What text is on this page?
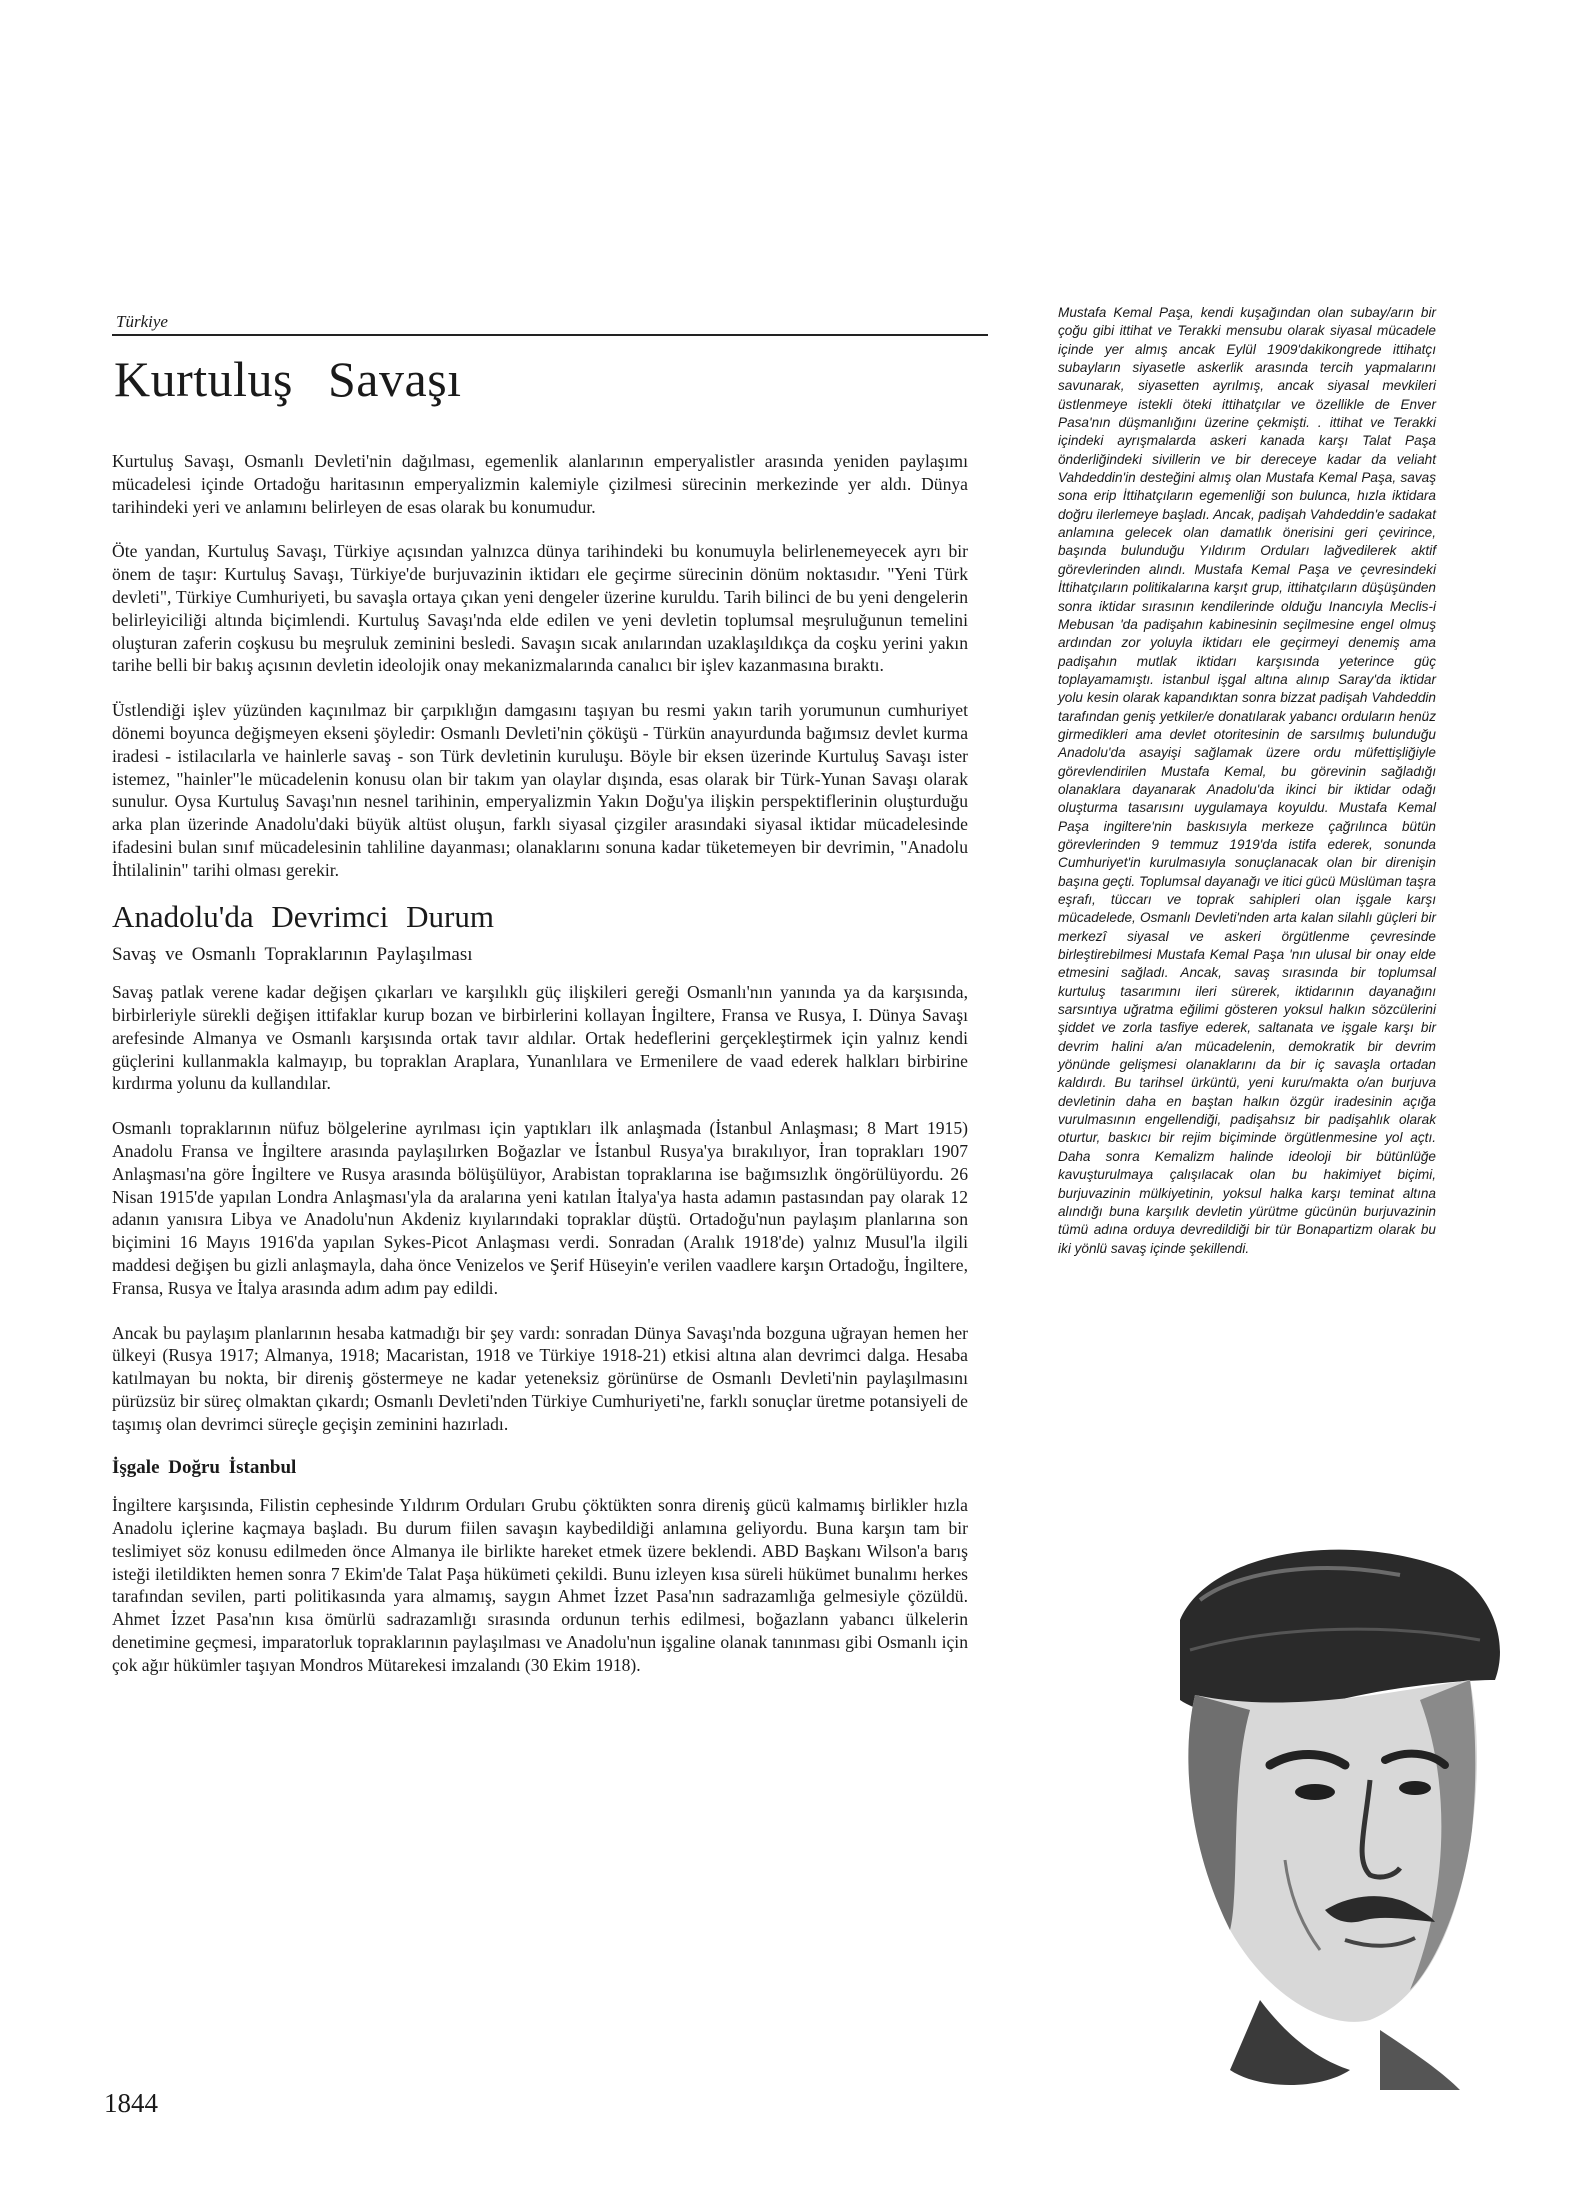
Türkiye
Kurtuluş Savaşı

Kurtuluş Savaşı, Osmanlı Devleti'nin dağılması, egemenlik alanlarının emperyalistler arasında yeniden paylaşımı mücadelesi içinde Ortadoğu haritasının emperyalizmin kalemiyle çizilmesi sürecinin merkezinde yer aldı. Dünya tarihindeki yeri ve anlamını belirleyen de esas olarak bu konumudur.

Öte yandan, Kurtuluş Savaşı, Türkiye açısından yalnızca dünya tarihindeki bu konumuyla belirlenemeyecek ayrı bir önem de taşır: Kurtuluş Savaşı, Türkiye'de burjuvazinin iktidarı ele geçirme sürecinin dönüm noktasıdır. "Yeni Türk devleti", Türkiye Cumhuriyeti, bu savaşla ortaya çıkan yeni dengeler üzerine kuruldu. Tarih bilinci de bu yeni dengelerin belirleyiciliği altında biçimlendi. Kurtuluş Savaşı'nda elde edilen ve yeni devletin toplumsal meşruluğunun temelini oluşturan zaferin coşkusu bu meşruluk zeminini besledi. Savaşın sıcak anılarından uzaklaşıldıkça da coşku yerini yakın tarihe belli bir bakış açısının devletin ideolojik onay mekanizmalarında canalıcı bir işlev kazanmasına bıraktı.

Üstlendiği işlev yüzünden kaçınılmaz bir çarpıklığın damgasını taşıyan bu resmi yakın tarih yorumunun cumhuriyet dönemi boyunca değişmeyen ekseni şöyledir: Osmanlı Devleti'nin çöküşü - Türkün anayurdunda bağımsız devlet kurma iradesi - istilacılarla ve hainlerle savaş - son Türk devletinin kuruluşu. Böyle bir eksen üzerinde Kurtuluş Savaşı ister istemez, "hainler"le mücadelenin konusu olan bir takım yan olaylar dışında, esas olarak bir Türk-Yunan Savaşı olarak sunulur. Oysa Kurtuluş Savaşı'nın nesnel tarihinin, emperyalizmin Yakın Doğu'ya ilişkin perspektiflerinin oluşturduğu arka plan üzerinde Anadolu'daki büyük altüst oluşun, farklı siyasal çizgiler arasındaki siyasal iktidar mücadelesinde ifadesini bulan sınıf mücadelesinin tahliline dayanması; olanaklarını sonuna kadar tüketemeyen bir devrimin, "Anadolu İhtilalinin" tarihi olması gerekir.

Anadolu'da Devrimci Durum
Savaş ve Osmanlı Topraklarının Paylaşılması

Savaş patlak verene kadar değişen çıkarları ve karşılıklı güç ilişkileri gereği Osmanlı'nın yanında ya da karşısında, birbirleriyle sürekli değişen ittifaklar kurup bozan ve birbirlerini kollayan İngiltere, Fransa ve Rusya, I. Dünya Savaşı arefesinde Almanya ve Osmanlı karşısında ortak tavır aldılar. Ortak hedeflerini gerçekleştirmek için yalnız kendi güçlerini kullanmakla kalmayıp, bu topraklan Araplara, Yunanlılara ve Ermenilere de vaad ederek halkları birbirine kırdırma yolunu da kullandılar.

Osmanlı topraklarının nüfuz bölgelerine ayrılması için yaptıkları ilk anlaşmada (İstanbul Anlaşması; 8 Mart 1915) Anadolu Fransa ve İngiltere arasında paylaşılırken Boğazlar ve İstanbul Rusya'ya bırakılıyor, İran toprakları 1907 Anlaşması'na göre İngiltere ve Rusya arasında bölüşülüyor, Arabistan topraklarına ise bağımsızlık öngörülüyordu. 26 Nisan 1915'de yapılan Londra Anlaşması'yla da aralarına yeni katılan İtalya'ya hasta adamın pastasından pay olarak 12 adanın yanısıra Libya ve Anadolu'nun Akdeniz kıyılarındaki topraklar düştü. Ortadoğu'nun paylaşım planlarına son biçimini 16 Mayıs 1916'da yapılan Sykes-Picot Anlaşması verdi. Sonradan (Aralık 1918'de) yalnız Musul'la ilgili maddesi değişen bu gizli anlaşmayla, daha önce Venizelos ve Şerif Hüseyin'e verilen vaadlere karşın Ortadoğu, İngiltere, Fransa, Rusya ve İtalya arasında adım adım pay edildi.

Ancak bu paylaşım planlarının hesaba katmadığı bir şey vardı: sonradan Dünya Savaşı'nda bozguna uğrayan hemen her ülkeyi (Rusya 1917; Almanya, 1918; Macaristan, 1918 ve Türkiye 1918-21) etkisi altına alan devrimci dalga. Hesaba katılmayan bu nokta, bir direniş göstermeye ne kadar yeteneksiz görünürse de Osmanlı Devleti'nin paylaşılmasını pürüzsüz bir süreç olmaktan çıkardı; Osmanlı Devleti'nden Türkiye Cumhuriyeti'ne, farklı sonuçlar üretme potansiyeli de taşımış olan devrimci süreçle geçişin zeminini hazırladı.

İşgale Doğru İstanbul

İngiltere karşısında, Filistin cephesinde Yıldırım Orduları Grubu çöktükten sonra direniş gücü kalmamış birlikler hızla Anadolu içlerine kaçmaya başladı. Bu durum fiilen savaşın kaybedildiği anlamına geliyordu. Buna karşın tam bir teslimiyet söz konusu edilmeden önce Almanya ile birlikte hareket etmek üzere beklendi. ABD Başkanı Wilson'a barış isteği iletildikten hemen sonra 7 Ekim'de Talat Paşa hükümeti çekildi. Bunu izleyen kısa süreli hükümet bunalımı herkes tarafından sevilen, parti politikasında yara almamış, saygın Ahmet İzzet Pasa'nın sadrazamlığa gelmesiyle çözüldü. Ahmet İzzet Pasa'nın kısa ömürlü sadrazamlığı sırasında ordunun terhis edilmesi, boğazlann yabancı ülkelerin denetimine geçmesi, imparatorluk topraklarının paylaşılması ve Anadolu'nun işgaline olanak tanınması gibi Osmanlı için çok ağır hükümler taşıyan Mondros Mütarekesi imzalandı (30 Ekim 1918).

Mustafa Kemal Paşa, kendi kuşağından olan subay/arın bir çoğu gibi ittihat ve Terakki mensubu olarak siyasal mücadele içinde yer almış ancak Eylül 1909'dakikongrede ittihatçı subayların siyasetle askerlik arasında tercih yapmalarını savunarak, siyasetten ayrılmış, ancak siyasal mevkileri üstlenmeye istekli öteki ittihatçılar ve özellikle de Enver Pasa'nın düşmanlığını üzerine çekmişti. . ittihat ve Terakki içindeki ayrışmalarda askeri kanada karşı Talat Paşa önderliğindeki sivillerin ve bir dereceye kadar da veliaht Vahdeddin'in desteğini almış olan Mustafa Kemal Paşa, savaş sona erip İttihatçıların egemenliği son bulunca, hızla iktidara doğru ilerlemeye başladı. Ancak, padişah Vahdeddin'e sadakat anlamına gelecek olan damatlık önerisini geri çevirince, başında bulunduğu Yıldırım Orduları lağvedilerek aktif görevlerinden alındı. Mustafa Kemal Paşa ve çevresindeki İttihatçıların politikalarına karşıt grup, ittihatçıların düşüşünden sonra iktidar sırasının kendilerinde olduğu Inancıyla Meclis-i Mebusan 'da padişahın kabinesinin seçilmesine engel olmuş ardından zor yoluyla iktidarı ele geçirmeyi denemiş ama padişahın mutlak iktidarı karşısında yeterince güç toplayamamıştı. istanbul işgal altına alınıp Saray'da iktidar yolu kesin olarak kapandıktan sonra bizzat padişah Vahdeddin tarafından geniş yetkiler/e donatılarak yabancı orduların henüz girmedikleri ama devlet otoritesinin de sarsılmış bulunduğu Anadolu'da asayişi sağlamak üzere ordu müfettişliğiyle görevlendirilen Mustafa Kemal, bu görevinin sağladığı olanaklara dayanarak Anadolu'da ikinci bir iktidar odağı oluşturma tasarısını uygulamaya koyuldu. Mustafa Kemal Paşa ingiltere'nin baskısıyla merkeze çağrılınca bütün görevlerinden 9 temmuz 1919'da istifa ederek, sonunda Cumhuriyet'in kurulmasıyla sonuçlanacak olan bir direnişin başına geçti. Toplumsal dayanağı ve itici gücü Müslüman taşra eşrafı, tüccarı ve toprak sahipleri olan işgale karşı mücadelede, Osmanlı Devleti'nden arta kalan silahlı güçleri bir merkezî siyasal ve askeri örgütlenme çevresinde birleştirebilmesi Mustafa Kemal Paşa 'nın ulusal bir onay elde etmesini sağladı. Ancak, savaş sırasında bir toplumsal kurtuluş tasarımını ileri sürerek, iktidarının dayanağını sarsıntıya uğratma eğilimi gösteren yoksul halkın sözcülerini şiddet ve zorla tasfiye ederek, saltanata ve işgale karşı bir devrim halini a/an mücadelenin, demokratik bir devrim yönünde gelişmesi olanaklarını da bir iç savaşla ortadan kaldırdı. Bu tarihsel ürküntü, yeni kuru/makta o/an burjuva devletinin daha en baştan halkın özgür iradesinin açığa vurulmasının engellendiği, padişahsız bir padişahlık olarak oturtur, baskıcı bir rejim biçiminde örgütlenmesine yol açtı. Daha sonra Kemalizm halinde ideoloji bir bütünlüğe kavuşturulmaya çalışılacak olan bu hakimiyet biçimi, burjuvazinin mülkiyetinin, yoksul halka karşı teminat altına alındığı buna karşılık devletin yürütme gücünün burjuvazinin tümü adına orduya devredildiği bir tür Bonapartizm olarak bu iki yönlü savaş içinde şekillendi.

1844
